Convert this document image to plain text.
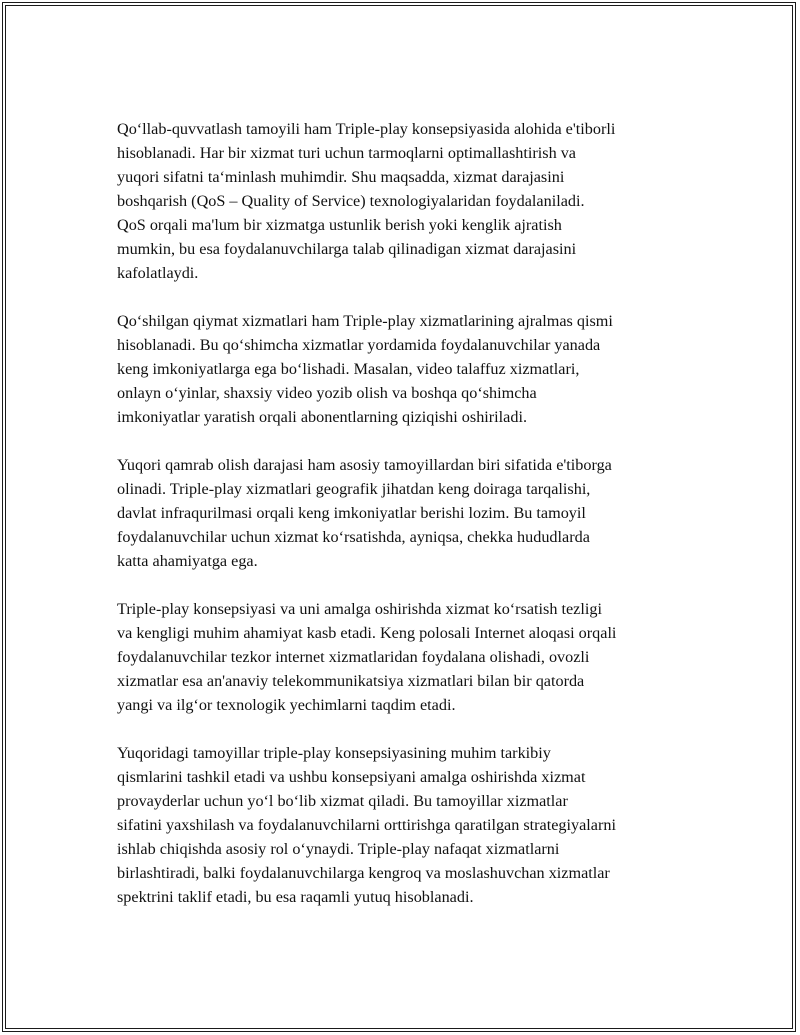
Qo‘llab-quvvatlash tamoyili ham Triple-play konsepsiyasida alohida e'tiborli
hisoblanadi. Har bir xizmat turi uchun tarmoqlarni optimallashtirish va
yuqori sifatni ta‘minlash muhimdir. Shu maqsadda, xizmat darajasini
boshqarish (QoS – Quality of Service) texnologiyalaridan foydalaniladi.
QoS orqali ma'lum bir xizmatga ustunlik berish yoki kenglik ajratish
mumkin, bu esa foydalanuvchilarga talab qilinadigan xizmat darajasini
kafolatlaydi.

Qo‘shilgan qiymat xizmatlari ham Triple-play xizmatlarining ajralmas qismi
hisoblanadi. Bu qo‘shimcha xizmatlar yordamida foydalanuvchilar yanada
keng imkoniyatlarga ega bo‘lishadi. Masalan, video talaffuz xizmatlari,
onlayn o‘yinlar, shaxsiy video yozib olish va boshqa qo‘shimcha
imkoniyatlar yaratish orqali abonentlarning qiziqishi oshiriladi.

Yuqori qamrab olish darajasi ham asosiy tamoyillardan biri sifatida e'tiborga
olinadi. Triple-play xizmatlari geografik jihatdan keng doiraga tarqalishi,
davlat infraqurilmasi orqali keng imkoniyatlar berishi lozim. Bu tamoyil
foydalanuvchilar uchun xizmat ko‘rsatishda, ayniqsa, chekka hududlarda
katta ahamiyatga ega.

Triple-play konsepsiyasi va uni amalga oshirishda xizmat ko‘rsatish tezligi
va kengligi muhim ahamiyat kasb etadi. Keng polosali Internet aloqasi orqali
foydalanuvchilar tezkor internet xizmatlaridan foydalana olishadi, ovozli
xizmatlar esa an'anaviy telekommunikatsiya xizmatlari bilan bir qatorda
yangi va ilg‘or texnologik yechimlarni taqdim etadi.

Yuqoridagi tamoyillar triple-play konsepsiyasining muhim tarkibiy
qismlarini tashkil etadi va ushbu konsepsiyani amalga oshirishda xizmat
provayderlar uchun yo‘l bo‘lib xizmat qiladi. Bu tamoyillar xizmatlar
sifatini yaxshilash va foydalanuvchilarni orttirishga qaratilgan strategiyalarni
ishlab chiqishda asosiy rol o‘ynaydi. Triple-play nafaqat xizmatlarni
birlashtiradi, balki foydalanuvchilarga kengroq va moslashuvchan xizmatlar
spektrini taklif etadi, bu esa raqamli yutuq hisoblanadi.
